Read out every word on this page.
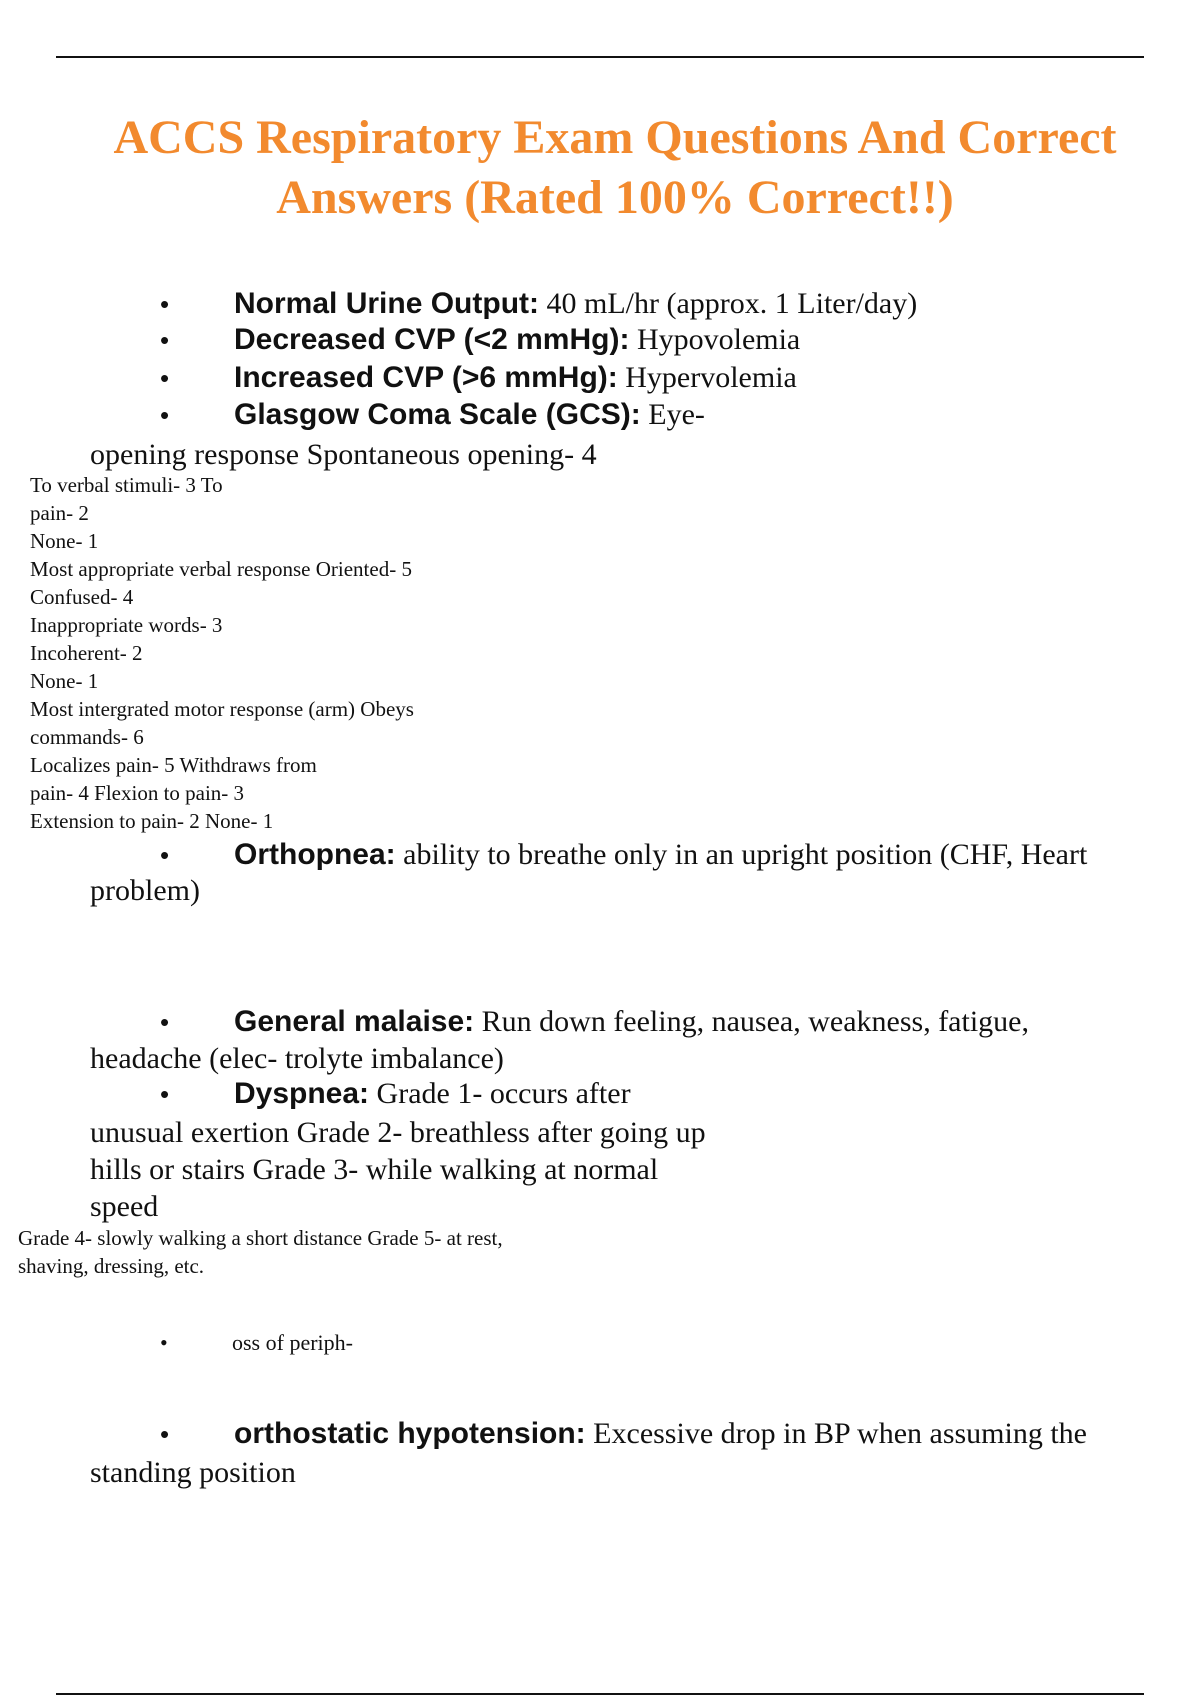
ACCS Respiratory Exam Questions And Correct
Answers (Rated 100% Correct!!)
•	Normal Urine Output: 40 mL/hr (approx. 1 Liter/day)
•	Decreased CVP (<2 mmHg): Hypovolemia
•	Increased CVP (>6 mmHg): Hypervolemia
•	Glasgow Coma Scale (GCS): Eye-
opening response Spontaneous opening- 4
To verbal stimuli- 3 To
pain- 2
None- 1
Most appropriate verbal response Oriented- 5
Confused- 4
Inappropriate words- 3
Incoherent- 2
None- 1
Most intergrated motor response (arm) Obeys
commands- 6
Localizes pain- 5 Withdraws from
pain- 4 Flexion to pain- 3
Extension to pain- 2 None- 1
•	Orthopnea: ability to breathe only in an upright position (CHF, Heart
problem)
•	General malaise: Run down feeling, nausea, weakness, fatigue,
headache (elec- trolyte imbalance)
•	Dyspnea: Grade 1- occurs after
unusual exertion Grade 2- breathless after going up
hills or stairs Grade 3- while walking at normal
speed
Grade 4- slowly walking a short distance Grade 5- at rest,
shaving, dressing, etc.
•	oss of periph-
•	orthostatic hypotension: Excessive drop in BP when assuming the
standing position
